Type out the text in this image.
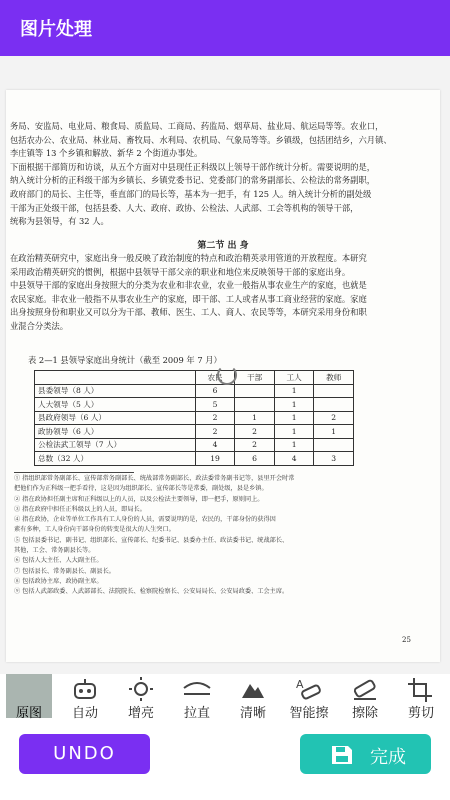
图片处理

务局、安监局、电业局、粮食局、质监局、工商局、药监局、烟草局、盐业局、航运局等等。农业口，
包括农办公、农业局、林业局、畜牧局、水利局、农机局、气象局等等。乡镇级，包括团结乡，六月镇、
李庄镇等 13 个乡镇和解放、新华 2 个街道办事处。
下面根据干部简历和访谈，从五个方面对中县现任正科级以上领导干部作统计分析。需要说明的是，
纳入统计分析的正科级干部为乡镇长、乡镇党委书记、党委部门的常务副部长、公检法的常务副职，
政府部门的局长、主任等，垂直部门的局长等，基本为一把手，有 125 人。纳入统计分析的副处级
干部为正处级干部，包括县委、人大、政府、政协、公检法、人武部、工会等机构的领导干部，
统称为县领导，有 32 人。

第二节 出 身

在政治精英研究中，家庭出身一般反映了政治制度的特点和政治精英录用管道的开放程度。本研究
采用政治精英研究的惯例，根据中县领导干部父亲的职业和地位来反映领导干部的家庭出身。
中县领导干部的家庭出身按照大的分类为农业和非农业，农业一般指从事农业生产的家庭，也就是
农民家庭。非农业一般指不从事农业生产的家庭，即干部、工人或者从事工商业经营的家庭。家庭
出身按照身份和职业又可以分为干部、教师、医生、工人、商人、农民等等，本研究采用身份和职
业混合分类法。

表 2—1 县领导家庭出身统计（截至 2009 年 7 月）
	农民	干部	工人	教师
县委领导（8 人）	6		1	
人大领导（5 人）	5		1	
县政府领导（6 人）	2	1	1	2
政协领导（6 人）	2	2	1	1
公检法武工领导（7 人）	4	2	1	
总数（32 人）	19	6	4	3

① 指组织部常务副部长、宣传部常务副部长、统战部常务副部长、政法委常务副书记等，县里开会时常
把他们作为正科级一把手看待，这是因为组织部长、宣传部长等是常委，副处级，县是乡镇。
② 指在政协担任副主席和正科级以上的人员，以及公检法主要领导，即一把手，原则同上。
③ 指在政府中担任正科级以上的人员，即局长。
④ 指在政协，企业等单位工作具有工人身份的人员，需要说明的是，农民的，干部身份的获得因
素有多种，工人身份向干部身份的转变是很大的人生突口。
⑤ 包括县委书记、副书记、组织部长、宣传部长、纪委书记、县委办主任、政法委书记、统战部长、
其他，工会、常务副县长等。
⑥ 包括人大主任、人大副主任。
⑦ 包括县长、常务副县长、副县长。
⑧ 包括政协主席、政协副主席。
⑨ 包括人武部政委、人武部部长、法院院长、检察院检察长、公安局局长、公安局政委、工会主席。

25
原图	自动	增亮	拉直	清晰
A
智能擦	擦除	剪切
UNDO	完成
